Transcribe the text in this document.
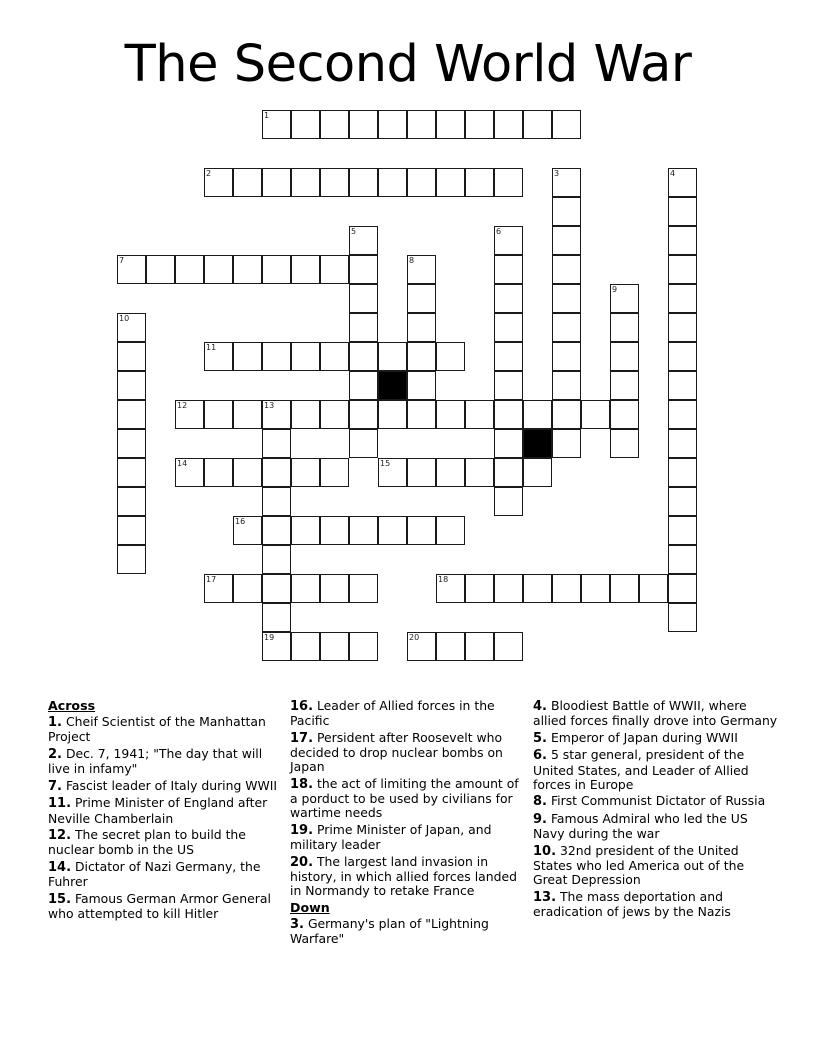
The Second World War
1
2	3	4
5	6
7	8
9
10
11
12	13
19
14	15
16
17	18
20
Across
1. Cheif Scientist of the Manhattan Project
2. Dec. 7, 1941; "The day that will live in infamy"
7. Fascist leader of Italy during WWII
11. Prime Minister of England after Neville Chamberlain
12. The secret plan to build the nuclear bomb in the US
14. Dictator of Nazi Germany, the Fuhrer
15. Famous German Armor General who attempted to kill Hitler
16. Leader of Allied forces in the Pacific
17. Persident after Roosevelt who decided to drop nuclear bombs on Japan
18. the act of limiting the amount of a porduct to be used by civilians for wartime needs
19. Prime Minister of Japan, and military leader
20. The largest land invasion in history, in which allied forces landed in Normandy to retake France
Down
3. Germany's plan of "Lightning Warfare"
4. Bloodiest Battle of WWII, where allied forces finally drove into Germany
5. Emperor of Japan during WWII
6. 5 star general, president of the United States, and Leader of Allied forces in Europe
8. First Communist Dictator of Russia
9. Famous Admiral who led the US Navy during the war
10. 32nd president of the United States who led America out of the Great Depression
13. The mass deportation and eradication of jews by the Nazis
